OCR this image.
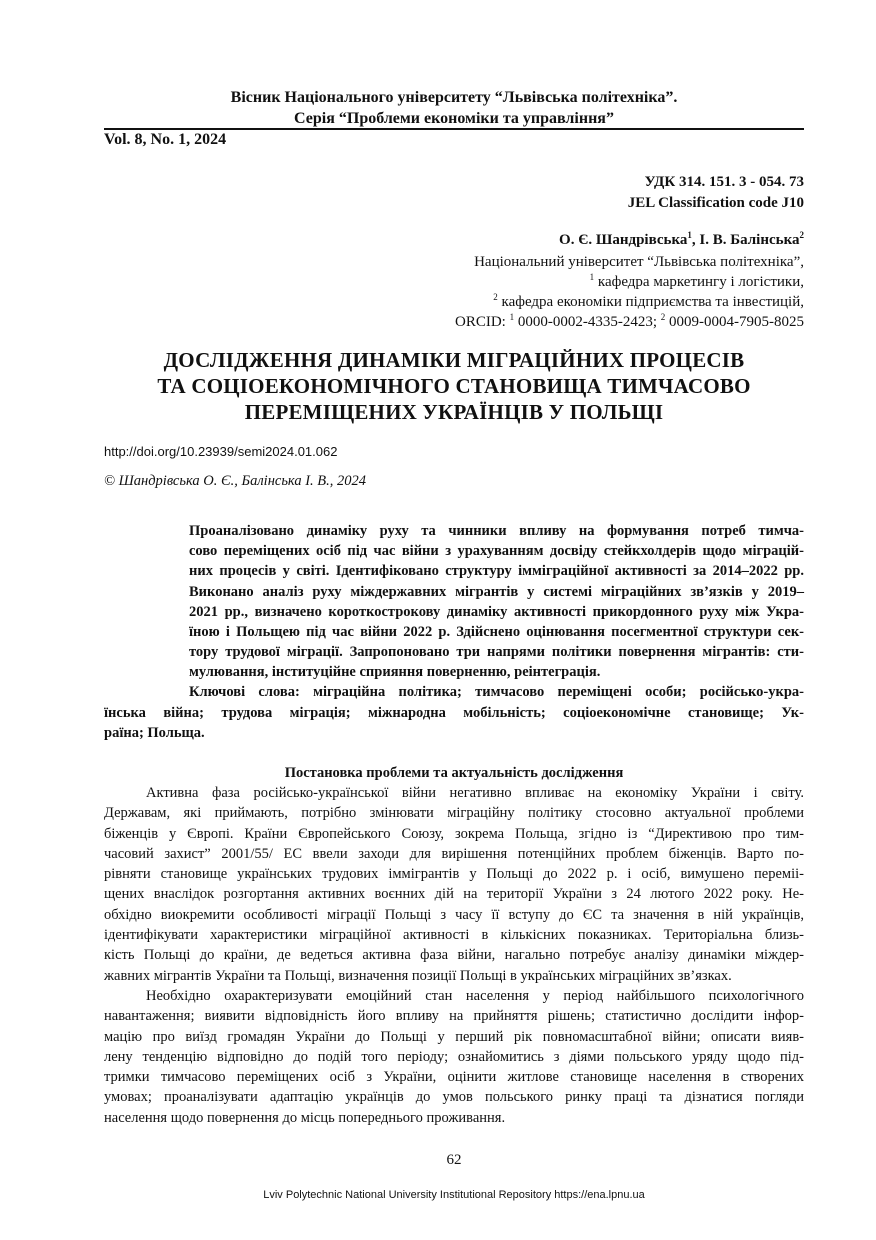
Вісник Національного університету “Львівська політехніка”.
Серія “Проблеми економіки та управління”
Vol. 8, No. 1, 2024
УДК 314. 151. 3 - 054. 73
JEL Classification code J10
О. Є. Шандрівська$^1$, І. В. Балінська$^2$
Національний університет “Львівська політехніка”,
$^1$ кафедра маркетингу і логістики,
$^2$ кафедра економіки підприємства та інвестицій,
ORCID: $^1$ 0000-0002-4335-2423; $^2$ 0009-0004-7905-8025
ДОСЛІДЖЕННЯ ДИНАМІКИ МІГРАЦІЙНИХ ПРОЦЕСІВ
ТА СОЦІОЕКОНОМІЧНОГО СТАНОВИЩА ТИМЧАСОВО
ПЕРЕМІЩЕНИХ УКРАЇНЦІВ У ПОЛЬЩІ
http://doi.org/10.23939/semi2024.01.062
© Шандрівська О. Є., Балінська І. В., 2024
Проаналізовано динаміку руху та чинники впливу на формування потреб тимча-
сово переміщених осіб під час війни з урахуванням досвіду стейкхолдерів щодо міграцій-
них процесів у світі. Ідентифіковано структуру імміграційної активності за 2014–2022 рр.
Виконано аналіз руху міждержавних мігрантів у системі міграційних зв’язків у 2019–
2021 рр., визначено короткострокову динаміку активності прикордонного руху між Укра-
їною і Польщею під час війни 2022 р. Здійснено оцінювання посегментної структури сек-
тору трудової міграції. Запропоновано три напрями політики повернення мігрантів: сти-
мулювання, інституційне сприяння поверненню, реінтеграція.
Ключові слова: міграційна політика; тимчасово переміщені особи; російсько-укра-
їнська війна; трудова міграція; міжнародна мобільність; соціоекономічне становище; Ук-
раїна; Польща.
Постановка проблеми та актуальність дослідження
Активна фаза російсько-української війни негативно впливає на економіку України і світу.
Державам, які приймають, потрібно змінювати міграційну політику стосовно актуальної проблеми
біженців у Європі. Країни Європейського Союзу, зокрема Польща, згідно із “Директивою про тим-
часовий захист” 2001/55/ ЕС ввели заходи для вирішення потенційних проблем біженців. Варто по-
рівняти становище українських трудових іммігрантів у Польщі до 2022 р. і осіб, вимушено переміі-
щених внаслідок розгортання активних воєнних дій на території України з 24 лютого 2022 року. Не-
обхідно виокремити особливості міграції Польщі з часу її вступу до ЄС та значення в ній українців,
ідентифікувати характеристики міграційної активності в кількісних показниках. Територіальна близь-
кість Польщі до країни, де ведеться активна фаза війни, нагально потребує аналізу динаміки міждер-
жавних мігрантів України та Польщі, визначення позиції Польщі в українських міграційних зв’язках.
Необхідно охарактеризувати емоційний стан населення у період найбільшого психологічного
навантаження; виявити відповідність його впливу на прийняття рішень; статистично дослідити інфор-
мацію про виїзд громадян України до Польщі у перший рік повномасштабної війни; описати вияв-
лену тенденцію відповідно до подій того періоду; ознайомитись з діями польського уряду щодо під-
тримки тимчасово переміщених осіб з України, оцінити житлове становище населення в створених
умовах; проаналізувати адаптацію українців до умов польського ринку праці та дізнатися погляди
населення щодо повернення до місць попереднього проживання.
62
Lviv Polytechnic National University Institutional Repository https://ena.lpnu.ua
